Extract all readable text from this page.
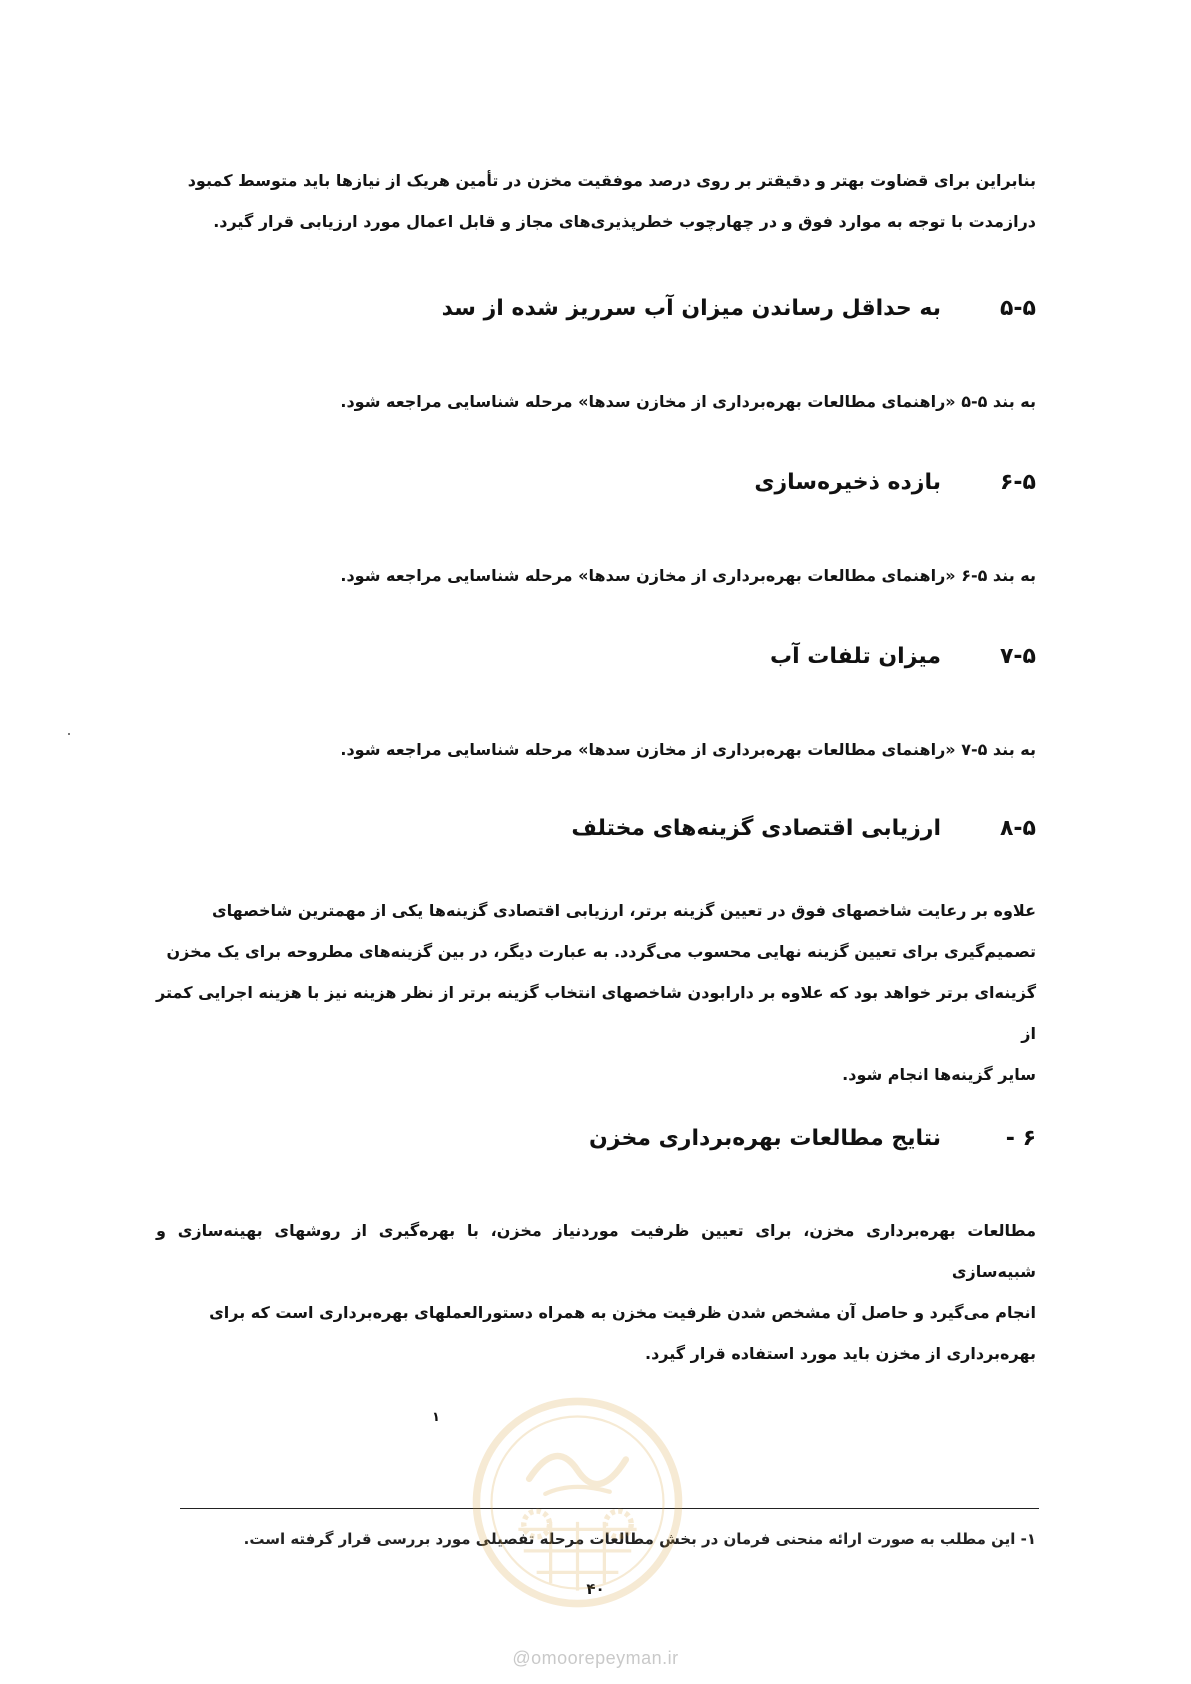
بنابراین برای قضاوت بهتر و دقیقتر بر روی درصد موفقیت مخزن در تأمین هریک از نیازها باید متوسط کمبود
درازمدت با توجه به موارد فوق و در چهارچوب خطرپذیری‌های مجاز و قابل اعمال مورد ارزیابی قرار گیرد.
۵-۵
به حداقل رساندن میزان آب سرریز شده از سد
به بند ۵-۵ «راهنمای مطالعات بهره‌برداری از مخازن سدها» مرحله شناسایی مراجعه شود.
۶-۵
بازده ذخیره‌سازی
به بند ۵-۶ «راهنمای مطالعات بهره‌برداری از مخازن سدها» مرحله شناسایی مراجعه شود.
۷-۵
میزان تلفات آب
به بند ۵-۷ «راهنمای مطالعات بهره‌برداری از مخازن سدها» مرحله شناسایی مراجعه شود.
۸-۵
ارزیابی اقتصادی گزینه‌های مختلف
علاوه بر رعایت شاخصهای فوق در تعیین گزینه برتر، ارزیابی اقتصادی گزینه‌ها یکی از مهمترین شاخصهای
تصمیم‌گیری برای تعیین گزینه نهایی محسوب می‌گردد. به عبارت دیگر، در بین گزینه‌های مطروحه برای یک مخزن
گزینه‌ای برتر خواهد بود که علاوه بر دارابودن شاخصهای انتخاب گزینه برتر از نظر هزینه نیز با هزینه اجرایی کمتر از
سایر گزینه‌ها انجام شود.
۶ -
نتایج مطالعات بهره‌برداری مخزن
مطالعات بهره‌برداری مخزن، برای تعیین ظرفیت موردنیاز مخزن، با بهره‌گیری از روشهای بهینه‌سازی و شبیه‌سازی
انجام می‌گیرد و حاصل آن مشخص شدن ظرفیت مخزن به همراه دستورالعملهای بهره‌برداری است که برای
بهره‌برداری از مخزن باید مورد استفاده قرار گیرد.
۱
۱- این مطلب به صورت ارائه منحنی فرمان در بخش مطالعات مرحله تفصیلی مورد بررسی قرار گرفته است.
۴۰
@omoorepeyman.ir
